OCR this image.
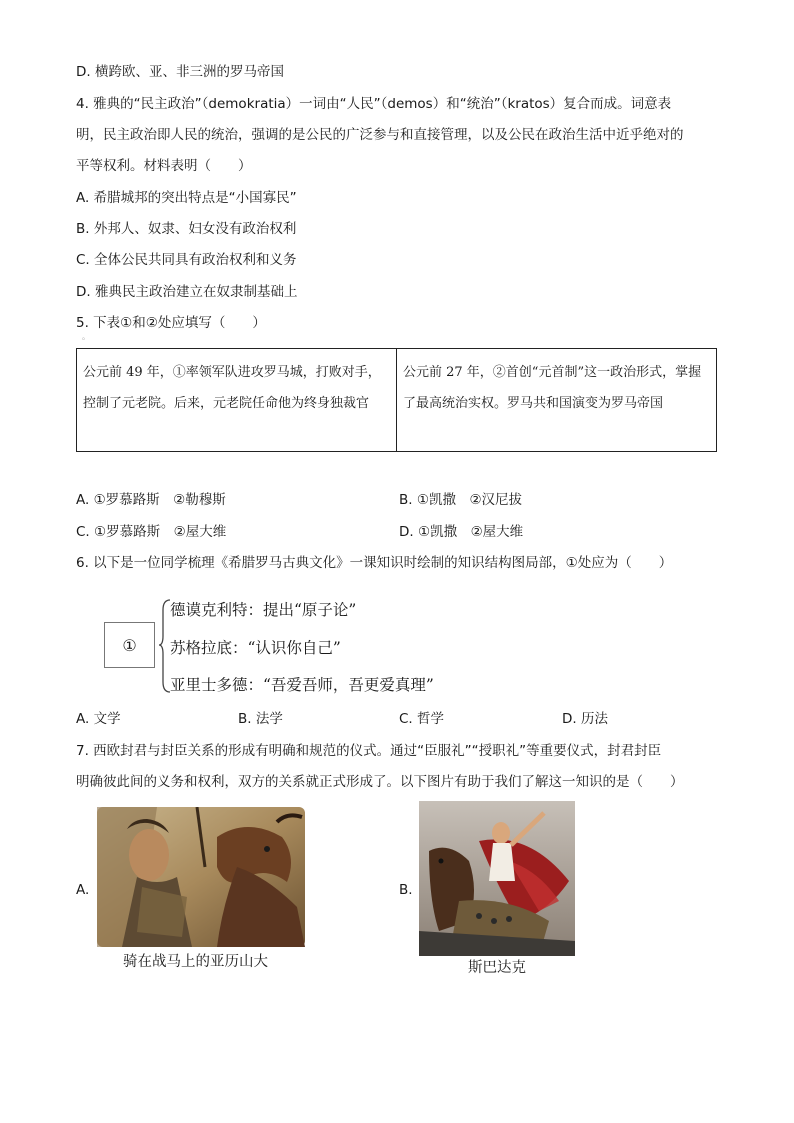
D. 横跨欧、亚、非三洲的罗马帝国
4. 雅典的“民主政治”（demokratia）一词由“人民”（demos）和“统治”（kratos）复合而成。词意表
明，民主政治即人民的统治，强调的是公民的广泛参与和直接管理，以及公民在政治生活中近乎绝对的
平等权利。材料表明（　　）
A. 希腊城邦的突出特点是“小国寡民”
B. 外邦人、奴隶、妇女没有政治权利
C. 全体公民共同具有政治权利和义务
D. 雅典民主政治建立在奴隶制基础上
5. 下表①和②处应填写（　　）
。
公元前 49 年，①率领军队进攻罗马城，打败对手，控制了元老院。后来，元老院任命他为终身独裁官
公元前 27 年，②首创“元首制”这一政治形式，掌握了最高统治实权。罗马共和国演变为罗马帝国
A. ①罗慕路斯　②勒穆斯	B. ①凯撒　②汉尼拔
C. ①罗慕路斯　②屋大维	D. ①凯撒　②屋大维
6. 以下是一位同学梳理《希腊罗马古典文化》一课知识时绘制的知识结构图局部，①处应为（　　）
①
德谟克利特：提出“原子论”
苏格拉底：“认识你自己”
亚里士多德：“吾爱吾师，吾更爱真理”
A. 文学	B. 法学	C. 哲学	D. 历法
7. 西欧封君与封臣关系的形成有明确和规范的仪式。通过“臣服礼”“授职礼”等重要仪式，封君封臣
明确彼此间的义务和权利，双方的关系就正式形成了。以下图片有助于我们了解这一知识的是（　　）
A.
骑在战马上的亚历山大
B.
斯巴达克
